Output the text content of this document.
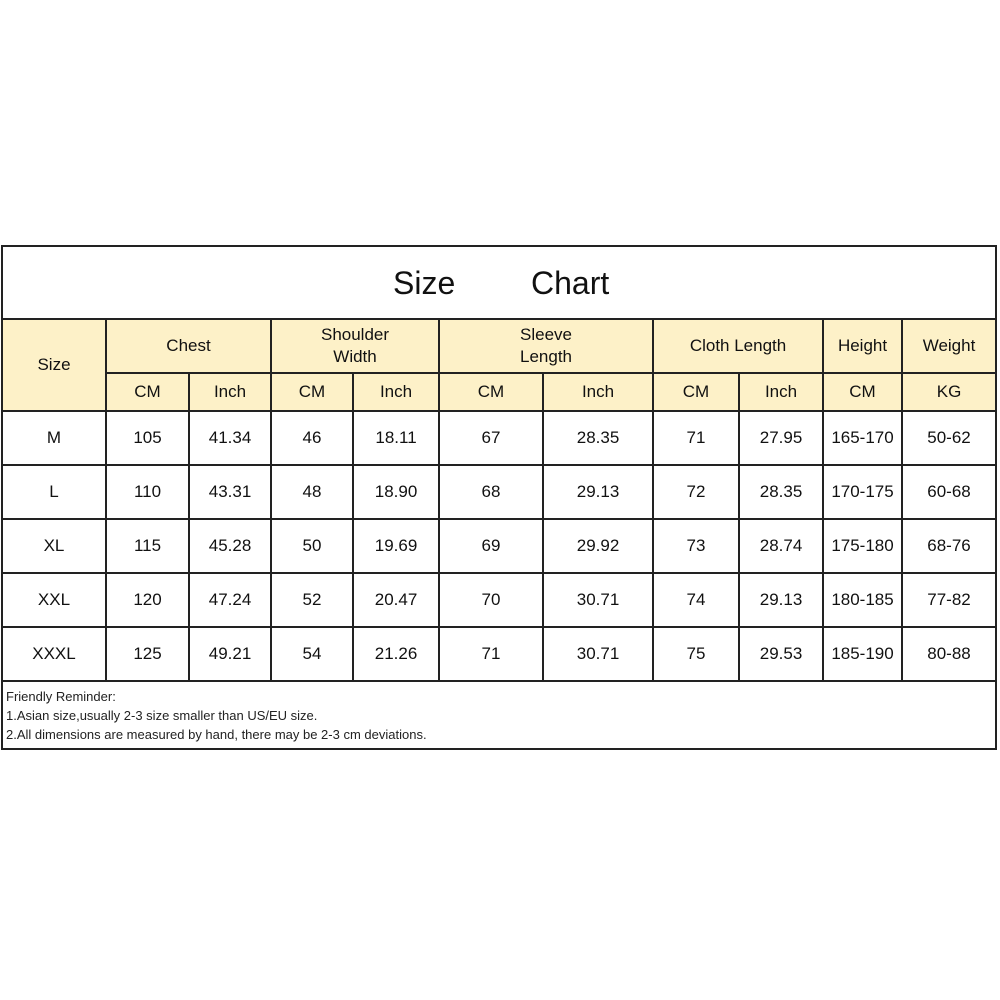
Size Chart
Size	Chest		Shoulder Width		Sleeve Length		Cloth Length		Height	Weight
	CM	Inch	CM	Inch	CM	Inch	CM	Inch	CM	KG
M	105	41.34	46	18.11	67	28.35	71	27.95	165-170	50-62
L	110	43.31	48	18.90	68	29.13	72	28.35	170-175	60-68
XL	115	45.28	50	19.69	69	29.92	73	28.74	175-180	68-76
XXL	120	47.24	52	20.47	70	30.71	74	29.13	180-185	77-82
XXXL	125	49.21	54	21.26	71	30.71	75	29.53	185-190	80-88
Friendly Reminder:
1.Asian size,usually 2-3 size smaller than US/EU size.
2.All dimensions are measured by hand, there may be 2-3 cm deviations.
